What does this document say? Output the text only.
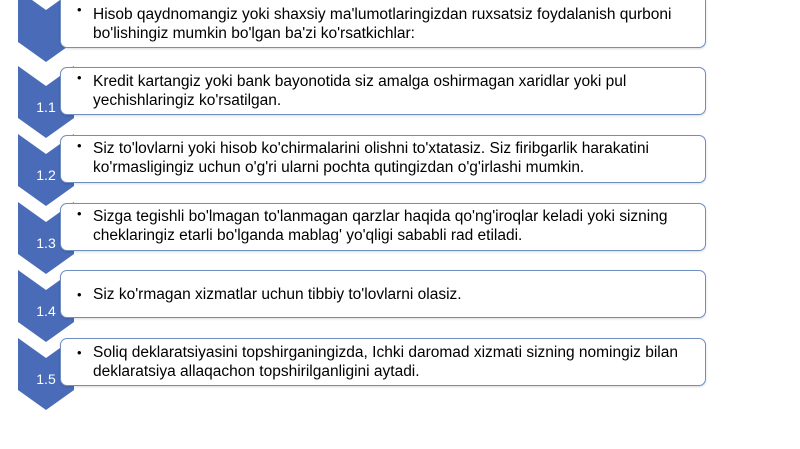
• Hisob qaydnomangiz yoki shaxsiy ma'lumotlaringizdan ruxsatsiz foydalanish qurboni bo'lishingiz mumkin bo'lgan ba'zi ko'rsatkichlar:
1.1
• Kredit kartangiz yoki bank bayonotida siz amalga oshirmagan xaridlar yoki pul yechishlaringiz ko'rsatilgan.
1.2
• Siz to'lovlarni yoki hisob ko'chirmalarini olishni to'xtatasiz. Siz firibgarlik harakatini ko'rmasligingiz uchun o'g'ri ularni pochta qutingizdan o'g'irlashi mumkin.
1.3
• Sizga tegishli bo'lmagan to'lanmagan qarzlar haqida qo'ng'iroqlar keladi yoki sizning cheklaringiz etarli bo'lganda mablag' yo'qligi sababli rad etiladi.
1.4
• Siz ko'rmagan xizmatlar uchun tibbiy to'lovlarni olasiz.
1.5
• Soliq deklaratsiyasini topshirganingizda, Ichki daromad xizmati sizning nomingiz bilan deklaratsiya allaqachon topshirilganligini aytadi.
